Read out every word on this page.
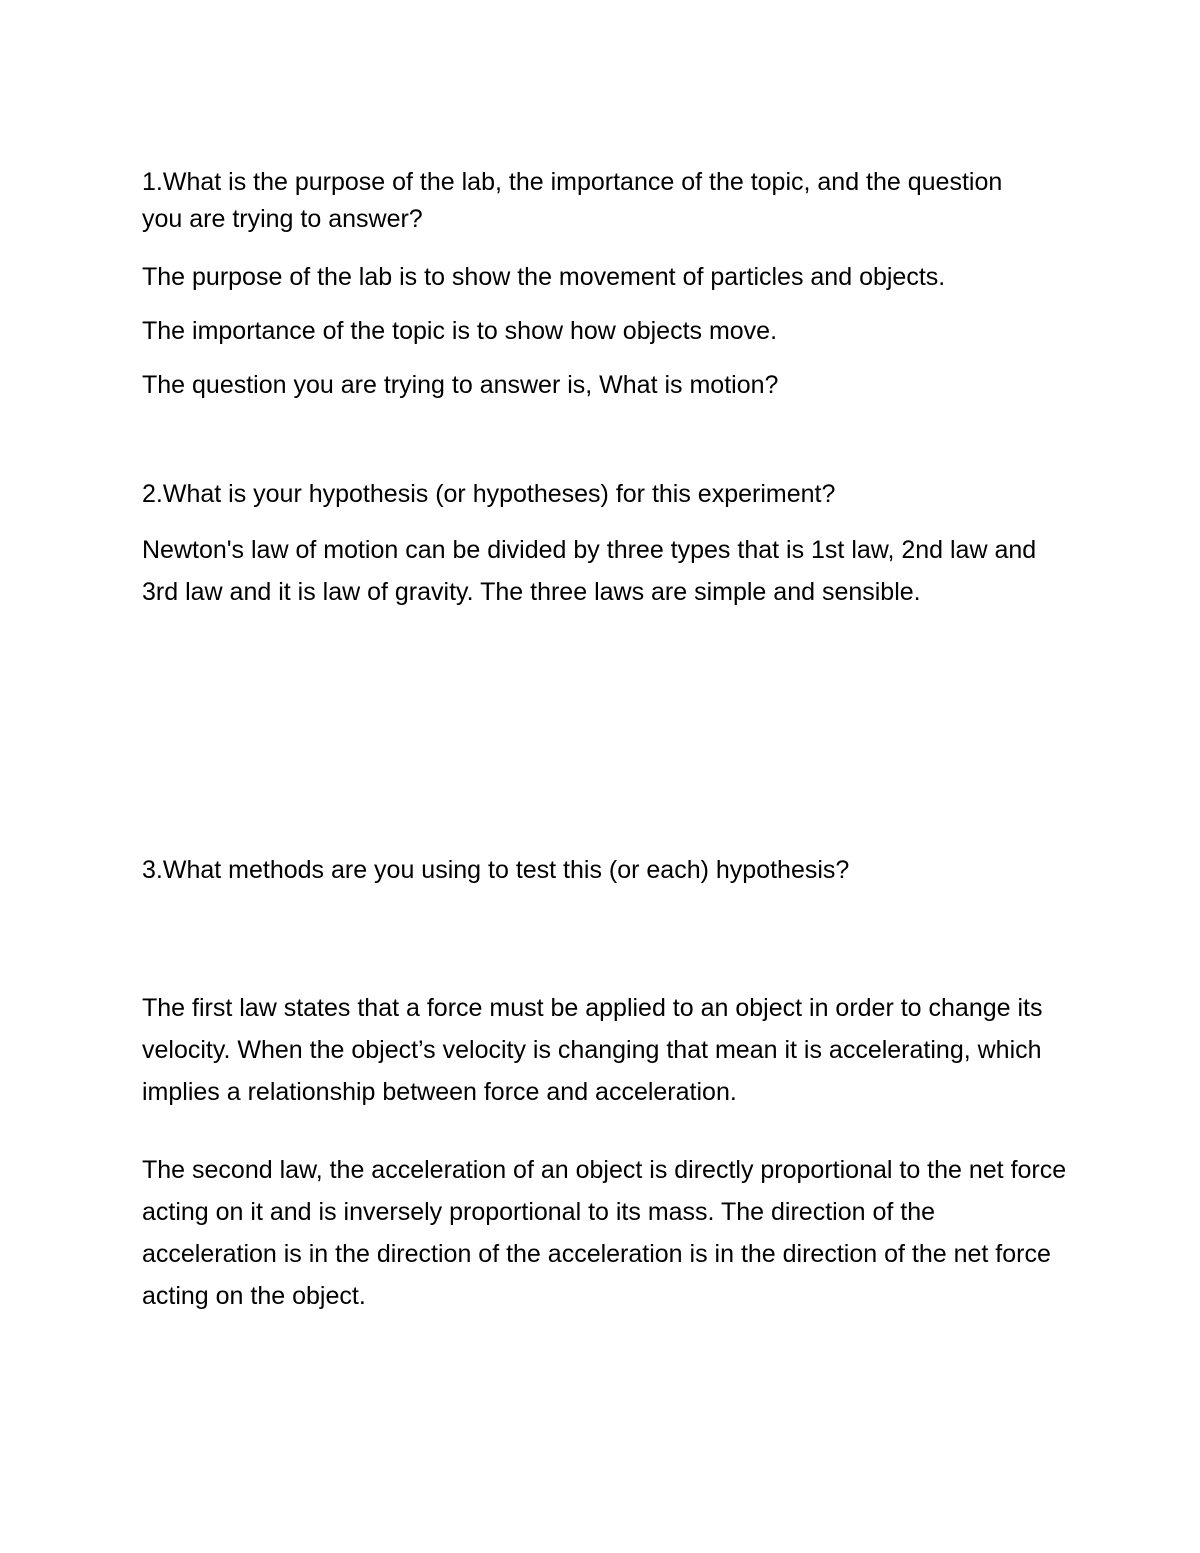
1.What is the purpose of the lab, the importance of the topic, and the question you are trying to answer?

The purpose of the lab is to show the movement of particles and objects.

The importance of the topic is to show how objects move.

The question you are trying to answer is, What is motion?

2.What is your hypothesis (or hypotheses) for this experiment?

Newton's law of motion can be divided by three types that is 1st law, 2nd law and 3rd law and it is law of gravity. The three laws are simple and sensible.

3.What methods are you using to test this (or each) hypothesis?

The first law states that a force must be applied to an object in order to change its velocity. When the object’s velocity is changing that mean it is accelerating, which implies a relationship between force and acceleration.

The second law, the acceleration of an object is directly proportional to the net force acting on it and is inversely proportional to its mass. The direction of the acceleration is in the direction of the acceleration is in the direction of the net force acting on the object.
